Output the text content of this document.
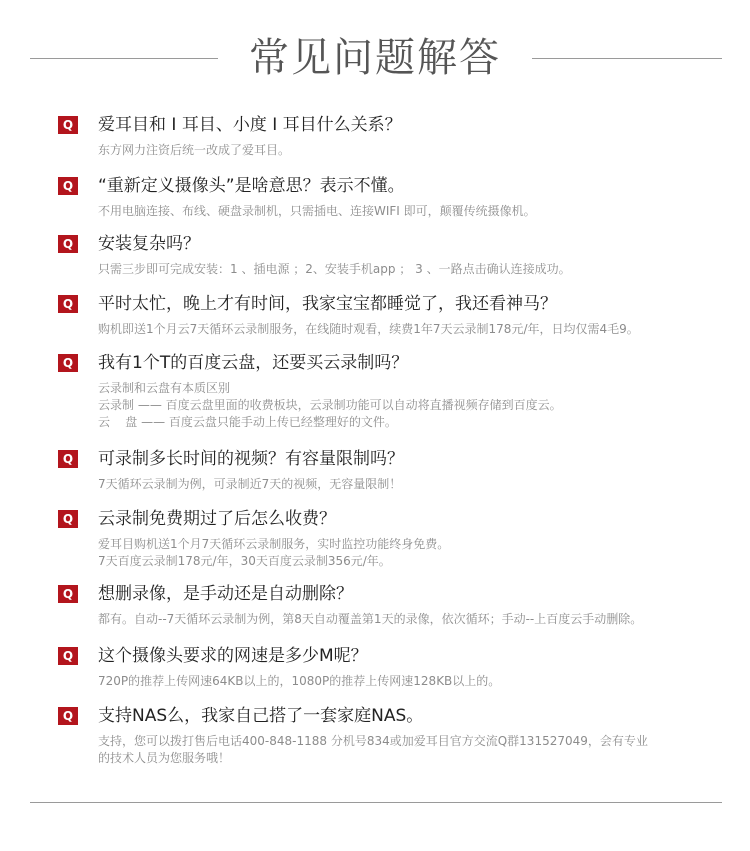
常见问题解答
Q 爱耳目和 I 耳目、小度 I 耳目什么关系？
东方网力注资后统一改成了爱耳目。
Q “重新定义摄像头”是啥意思？表示不懂。
不用电脑连接、布线、硬盘录制机，只需插电、连接WIFI 即可，颠覆传统摄像机。
Q 安装复杂吗？
只需三步即可完成安装：1 、插电源 ；2、安装手机app ； 3 、一路点击确认连接成功。
Q 平时太忙，晚上才有时间，我家宝宝都睡觉了，我还看神马？
购机即送1个月云7天循环云录制服务，在线随时观看，续费1年7天云录制178元/年，日均仅需4毛9。
Q 我有1个T的百度云盘，还要买云录制吗？
云录制和云盘有本质区别
云录制 —— 百度云盘里面的收费板块，云录制功能可以自动将直播视频存储到百度云。
云    盘 —— 百度云盘只能手动上传已经整理好的文件。
Q 可录制多长时间的视频？有容量限制吗？
7天循环云录制为例，可录制近7天的视频，无容量限制！
Q 云录制免费期过了后怎么收费？
爱耳目购机送1个月7天循环云录制服务，实时监控功能终身免费。
7天百度云录制178元/年，30天百度云录制356元/年。
Q 想删录像，是手动还是自动删除？
都有。自动--7天循环云录制为例，第8天自动覆盖第1天的录像，依次循环；手动--上百度云手动删除。
Q 这个摄像头要求的网速是多少M呢？
720P的推荐上传网速64KB以上的，1080P的推荐上传网速128KB以上的。
Q 支持NAS么，我家自己搭了一套家庭NAS。
支持，您可以拨打售后电话400-848-1188 分机号834或加爱耳目官方交流Q群131527049，会有专业
的技术人员为您服务哦！
